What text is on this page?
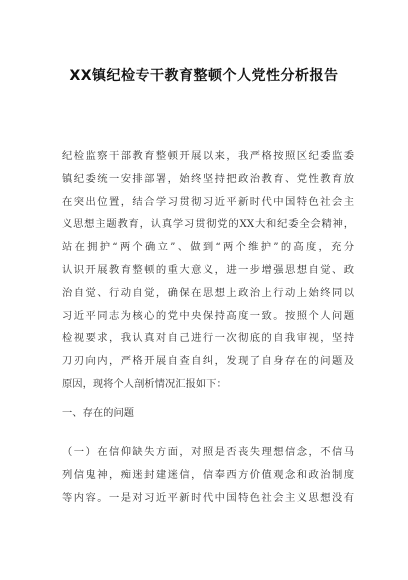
XX镇纪检专干教育整顿个人党性分析报告
纪检监察干部教育整顿开展以来，我严格按照区纪委监委
镇纪委统一安排部署，始终坚持把政治教育、党性教育放
在突出位置，结合学习贯彻习近平新时代中国特色社会主
义思想主题教育，认真学习贯彻党的XX大和纪委全会精神，
站在拥护“两个确立”、做到“两个维护”的高度，充分
认识开展教育整顿的重大意义，进一步增强思想自觉、政
治自觉、行动自觉，确保在思想上政治上行动上始终同以
习近平同志为核心的党中央保持高度一致。按照个人问题
检视要求，我认真对自己进行一次彻底的自我审视，坚持
刀刃向内，严格开展自查自纠，发现了自身存在的问题及
原因，现将个人剖析情况汇报如下：
一、存在的问题
（一）在信仰缺失方面，对照是否丧失理想信念，不信马
列信鬼神，痴迷封建迷信，信奉西方价值观念和政治制度
等内容。一是对习近平新时代中国特色社会主义思想没有
